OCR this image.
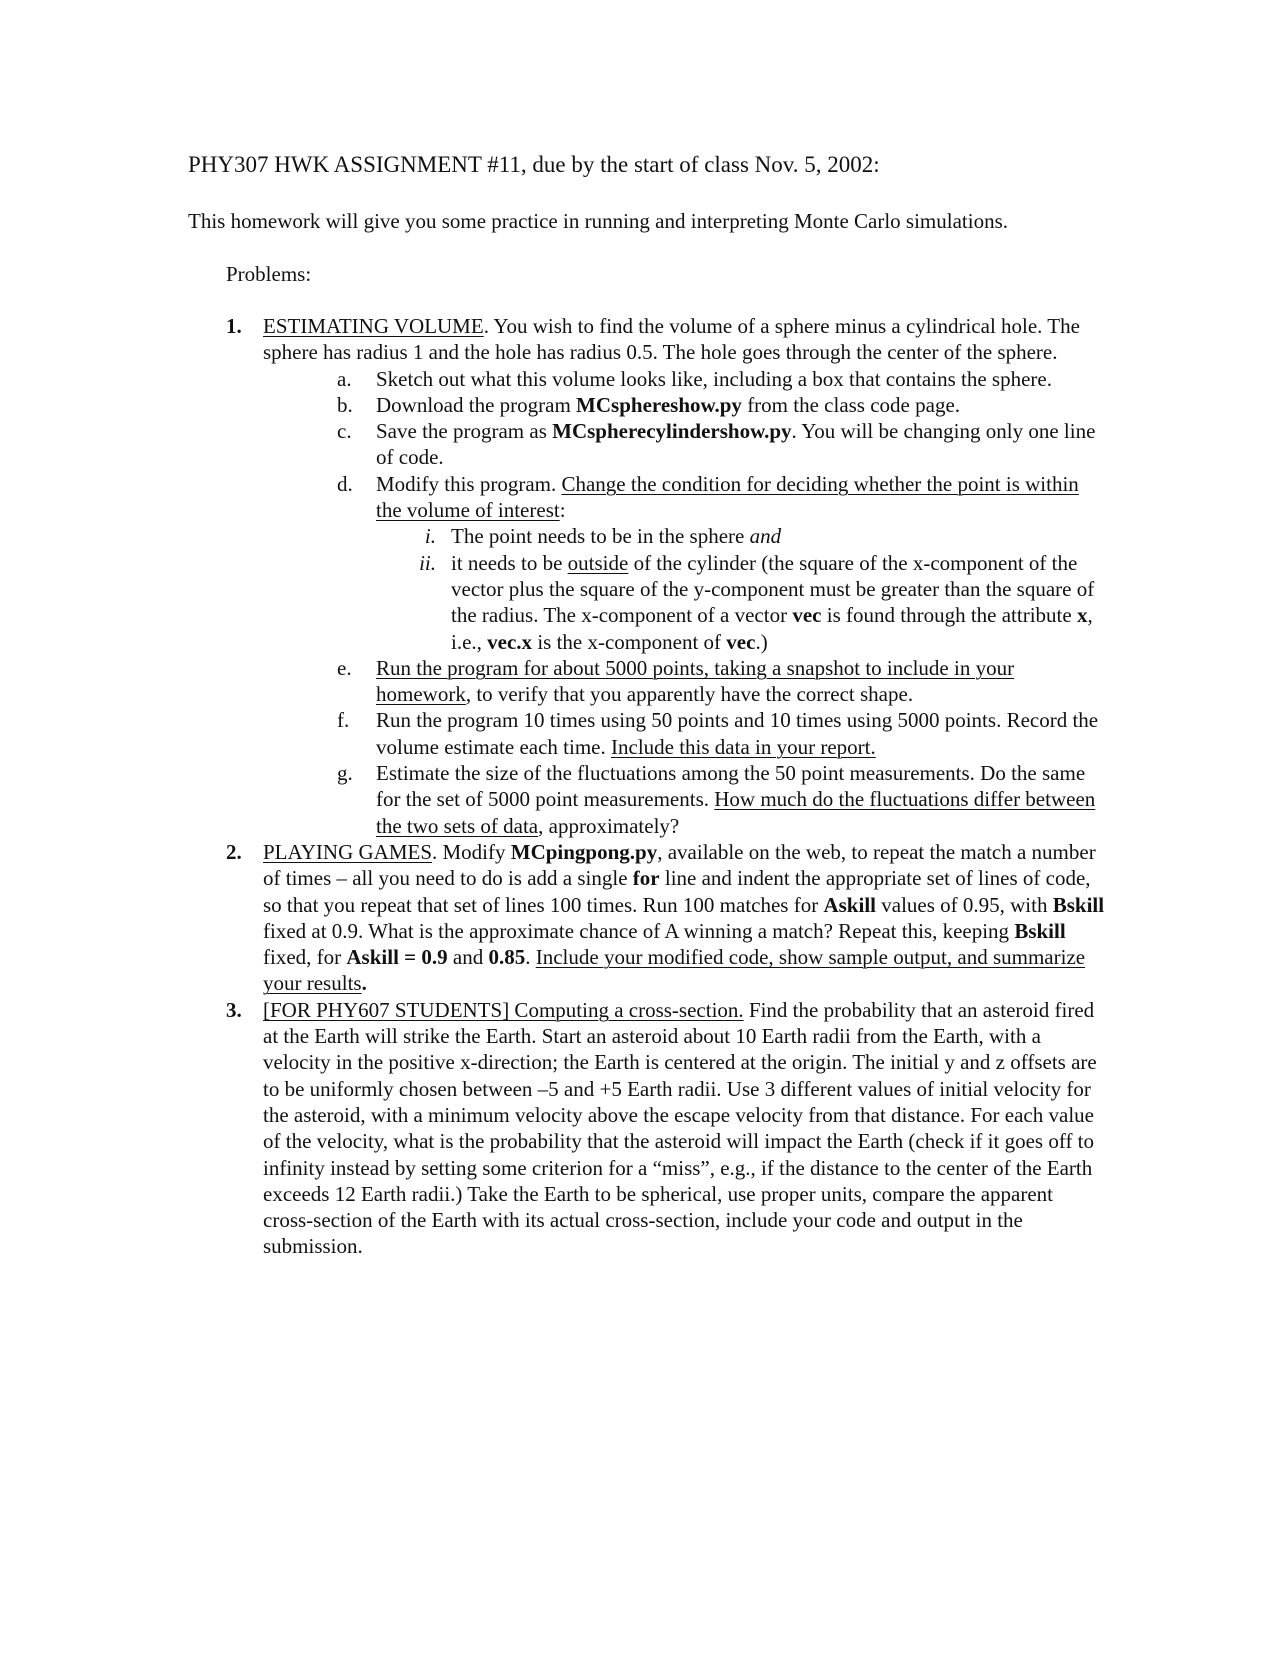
PHY307 HWK ASSIGNMENT #11, due by the start of class Nov. 5, 2002:
This homework will give you some practice in running and interpreting Monte Carlo simulations.
Problems:
1. ESTIMATING VOLUME. You wish to find the volume of a sphere minus a cylindrical hole. The sphere has radius 1 and the hole has radius 0.5. The hole goes through the center of the sphere.
a. Sketch out what this volume looks like, including a box that contains the sphere.
b. Download the program MCsphereshow.py from the class code page.
c. Save the program as MCspherecylindershow.py. You will be changing only one line of code.
d. Modify this program. Change the condition for deciding whether the point is within the volume of interest:
i. The point needs to be in the sphere and
ii. it needs to be outside of the cylinder (the square of the x-component of the vector plus the square of the y-component must be greater than the square of the radius. The x-component of a vector vec is found through the attribute x, i.e., vec.x is the x-component of vec.)
e. Run the program for about 5000 points, taking a snapshot to include in your homework, to verify that you apparently have the correct shape.
f. Run the program 10 times using 50 points and 10 times using 5000 points. Record the volume estimate each time. Include this data in your report.
g. Estimate the size of the fluctuations among the 50 point measurements. Do the same for the set of 5000 point measurements. How much do the fluctuations differ between the two sets of data, approximately?
2. PLAYING GAMES. Modify MCpingpong.py, available on the web, to repeat the match a number of times – all you need to do is add a single for line and indent the appropriate set of lines of code, so that you repeat that set of lines 100 times. Run 100 matches for Askill values of 0.95, with Bskill fixed at 0.9. What is the approximate chance of A winning a match? Repeat this, keeping Bskill fixed, for Askill = 0.9 and 0.85. Include your modified code, show sample output, and summarize your results.
3. [FOR PHY607 STUDENTS] Computing a cross-section. Find the probability that an asteroid fired at the Earth will strike the Earth. Start an asteroid about 10 Earth radii from the Earth, with a velocity in the positive x-direction; the Earth is centered at the origin. The initial y and z offsets are to be uniformly chosen between –5 and +5 Earth radii. Use 3 different values of initial velocity for the asteroid, with a minimum velocity above the escape velocity from that distance. For each value of the velocity, what is the probability that the asteroid will impact the Earth (check if it goes off to infinity instead by setting some criterion for a “miss”, e.g., if the distance to the center of the Earth exceeds 12 Earth radii.) Take the Earth to be spherical, use proper units, compare the apparent cross-section of the Earth with its actual cross-section, include your code and output in the submission.
